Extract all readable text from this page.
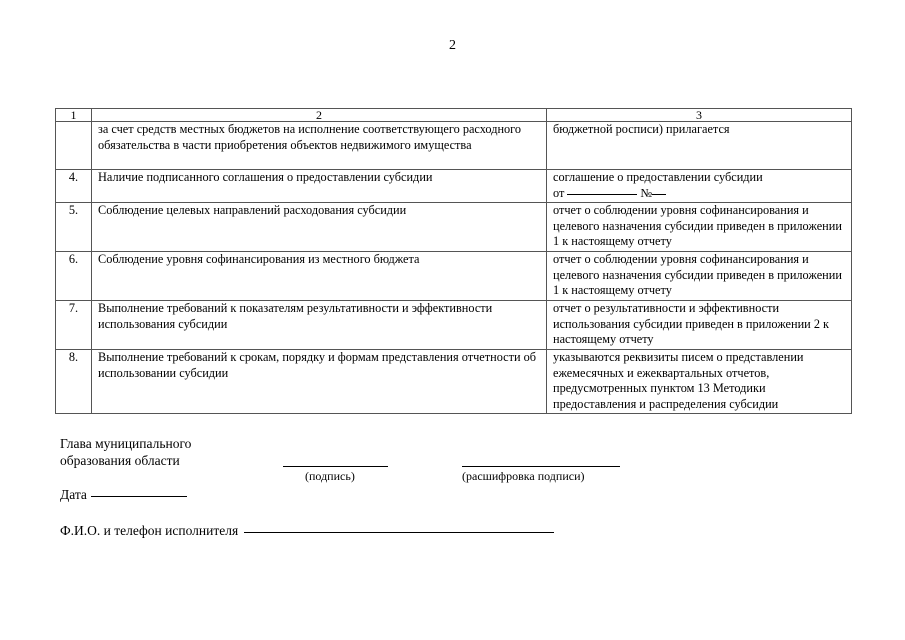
2
1	2	3
	за счет средств местных бюджетов на исполнение соответствующего расходного обязательства в части приобретения объектов недвижимого имущества	бюджетной росписи) прилагается
4.	Наличие подписанного соглашения о предоставлении субсидии	соглашение о предоставлении субсидии
от №
5.	Соблюдение целевых направлений расходования субсидии	отчет о соблюдении уровня софинансирования и целевого назначения субсидии приведен в приложении 1 к настоящему отчету
6.	Соблюдение уровня софинансирования из местного бюджета	отчет о соблюдении уровня софинансирования и целевого назначения субсидии приведен в приложении 1 к настоящему отчету
7.	Выполнение требований к показателям результативности и эффективности использования субсидии	отчет о результативности и эффективности использования субсидии приведен в приложении 2 к настоящему отчету
8.	Выполнение требований к срокам, порядку и формам представления отчетности об использовании субсидии	указываются реквизиты писем о представлении ежемесячных и ежеквартальных отчетов, предусмотренных пунктом 13 Методики предоставления и распределения субсидии
Глава муниципального
образования области
(подпись)	(расшифровка подписи)
Дата
Ф.И.О. и телефон исполнителя
